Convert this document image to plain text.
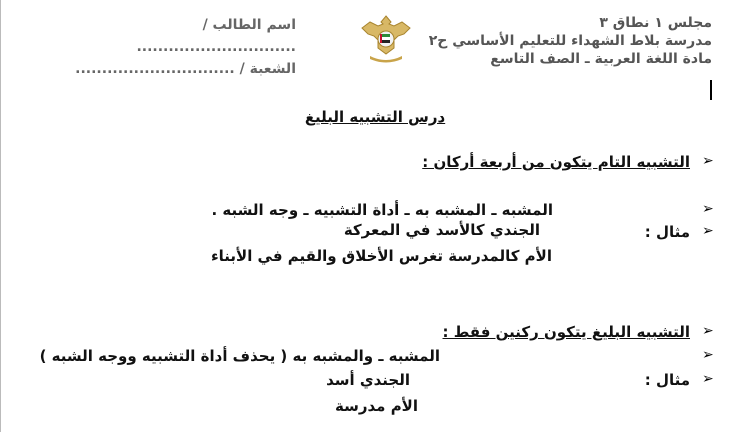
مجلس ١ نطاق ٣
مدرسة بلاط الشهداء للتعليم الأساسي ح٢
مادة اللغة العربية ـ الصف التاسع
اسم الطالب / ..............................
الشعبة / ..............................
درس التشبيه البليغ
➢
التشبيه التام يتكون من أربعة أركان :
➢
المشبه ـ المشبه به ـ أداة التشبيه ـ وجه الشبه .
➢
مثال :
الجندي كالأسد في المعركة
الأم كالمدرسة تغرس الأخلاق والقيم في الأبناء
➢
التشبيه البليغ يتكون ركنين فقط :
➢
المشبه ـ والمشبه به ( يحذف أداة التشبيه ووجه الشبه )
➢
مثال :
الجندي أسد
الأم مدرسة
